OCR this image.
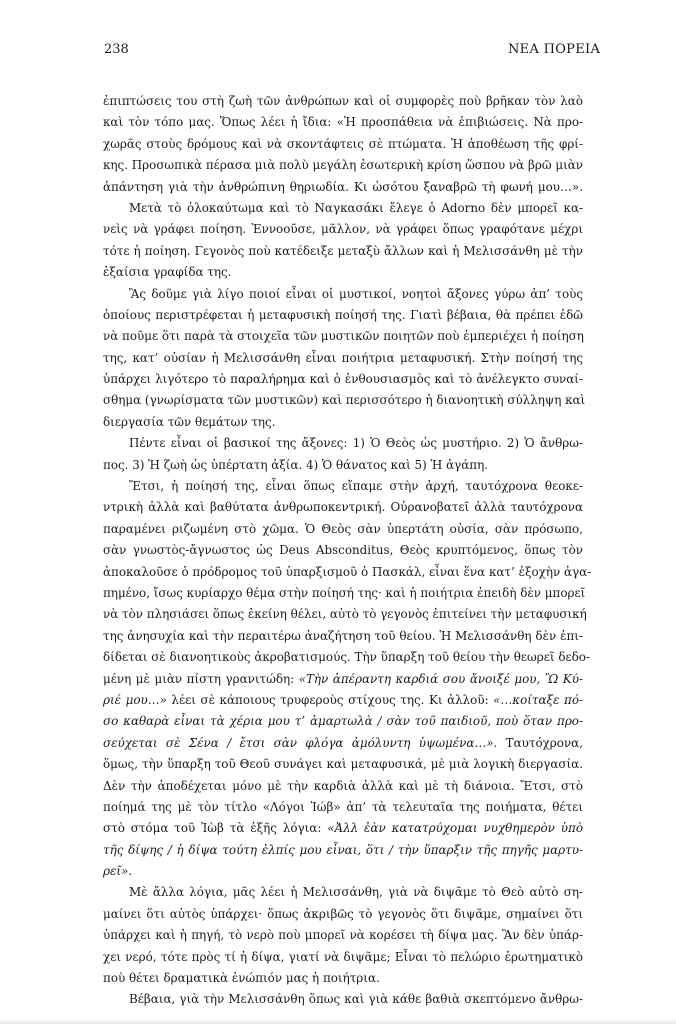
238	ΝΕΑ ΠΟΡΕΙΑ
ἐπιπτώσεις του στὴ ζωὴ τῶν ἀνθρώπων καὶ οἱ συμφορὲς ποὺ βρῆκαν τὸν λαὸ
καὶ τὸν τόπο μας. Ὅπως λέει ἡ ἴδια: «Ἡ προσπάθεια νὰ ἐπιβιώσεις. Νὰ προ-
χωρᾶς στοὺς δρόμους καὶ νὰ σκοντάφτεις σὲ πτώματα. Ἡ ἀποθέωση τῆς φρί-
κης. Προσωπικὰ πέρασα μιὰ πολὺ μεγάλη ἐσωτερικὴ κρίση ὥσπου νὰ βρῶ μιὰν
ἀπάντηση γιὰ τὴν ἀνθρώπινη θηριωδία. Κι ὡσότου ξαναβρῶ τὴ φωνή μου…».
Μετὰ τὸ ὁλοκαύτωμα καὶ τὸ Ναγκασάκι ἔλεγε ὁ Adorno δὲν μπορεῖ κα-
νεὶς νὰ γράφει ποίηση. Ἐννοοῦσε, μᾶλλον, νὰ γράφει ὅπως γραφότανε μέχρι
τότε ἡ ποίηση. Γεγονὸς ποὺ κατέδειξε μεταξὺ ἄλλων καὶ ἡ Μελισσάνθη μὲ τὴν
ἐξαίσια γραφίδα της.
Ἂς δοῦμε γιὰ λίγο ποιοί εἶναι οἱ μυστικοί, νοητοὶ ἄξονες γύρω ἀπ’ τοὺς
ὁποίους περιστρέφεται ἡ μεταφυσικὴ ποίησή της. Γιατὶ βέβαια, θὰ πρέπει ἐδῶ
νὰ ποῦμε ὅτι παρὰ τὰ στοιχεῖα τῶν μυστικῶν ποιητῶν ποὺ ἐμπεριέχει ἡ ποίηση
της, κατ’ οὐσίαν ἡ Μελισσάνθη εἶναι ποιήτρια μεταφυσική. Στὴν ποίησή της
ὑπάρχει λιγότερο τὸ παραλήρημα καὶ ὁ ἐνθουσιασμὸς καὶ τὸ ἀνέλεγκτο συναί-
σθημα (γνωρίσματα τῶν μυστικῶν) καὶ περισσότερο ἡ διανοητικὴ σύλληψη καὶ
διεργασία τῶν θεμάτων της.
Πέντε εἶναι οἱ βασικοί της ἄξονες: 1) Ὁ Θεὸς ὡς μυστήριο. 2) Ὁ ἄνθρω-
πος. 3) Ἡ ζωὴ ὡς ὑπέρτατη ἀξία. 4) Ὁ θάνατος καὶ 5) Ἡ ἀγάπη.
Ἔτσι, ἡ ποίησή της, εἶναι ὅπως εἴπαμε στὴν ἀρχή, ταυτόχρονα θεοκε-
ντρικὴ ἀλλὰ καὶ βαθύτατα ἀνθρωποκεντρική. Οὐρανοβατεῖ ἀλλὰ ταυτόχρονα
παραμένει ριζωμένη στὸ χῶμα. Ὁ Θεὸς σὰν ὑπερτάτη οὐσία, σὰν πρόσωπο,
σὰν γνωστὸς-ἄγνωστος ὡς Deus Absconditus, Θεὸς κρυπτόμενος, ὅπως τὸν
ἀποκαλοῦσε ὁ πρόδρομος τοῦ ὑπαρξισμοῦ ὁ Πασκάλ, εἶναι ἕνα κατ’ ἐξοχὴν ἀγα-
πημένο, ἴσως κυρίαρχο θέμα στὴν ποίησή της· καὶ ἡ ποιήτρια ἐπειδὴ δὲν μπορεῖ
νὰ τὸν πλησιάσει ὅπως ἐκείνη θέλει, αὐτὸ τὸ γεγονὸς ἐπιτείνει τὴν μεταφυσική
της ἀνησυχία καὶ τὴν περαιτέρω ἀναζήτηση τοῦ θείου. Ἡ Μελισσάνθη δὲν ἐπι-
δίδεται σὲ διανοητικοὺς ἀκροβατισμούς. Τὴν ὕπαρξη τοῦ θείου τὴν θεωρεῖ δεδο-
μένη μὲ μιὰν πίστη γρανιτώδη: «Τὴν ἀπέραντη καρδιά σου ἄνοιξέ μου, Ὢ Κύ-
ριέ μου…» λέει σὲ κάποιους τρυφεροὺς στίχους της. Κι ἀλλοῦ: «…κοίταξε πό-
σο καθαρὰ εἶναι τὰ χέρια μου τ’ ἁμαρτωλὰ / σὰν τοῦ παιδιοῦ, ποὺ ὅταν προ-
σεύχεται σὲ Σένα / ἔτσι σὰν φλόγα ἀμόλυντη ὑψωμένα…». Ταυτόχρονα,
ὅμως, τὴν ὕπαρξη τοῦ Θεοῦ συνάγει καὶ μεταφυσικά, μὲ μιὰ λογικὴ διεργασία.
Δὲν τὴν ἀποδέχεται μόνο μὲ τὴν καρδιὰ ἀλλὰ καὶ μὲ τὴ διάνοια. Ἔτσι, στὸ
ποίημά της μὲ τὸν τίτλο «Λόγοι Ἰώβ» ἀπ’ τὰ τελευταῖα της ποιήματα, θέτει
στὸ στόμα τοῦ Ἰὼβ τὰ ἑξῆς λόγια: «Ἀλλ ἐὰν κατατρύχομαι νυχθημερὸν ὑπὸ
τῆς δίψης / ἡ δίψα τούτη ἐλπίς μου εἶναι, ὅτι / τὴν ὕπαρξιν τῆς πηγῆς μαρτυ-
ρεῖ».
Μὲ ἄλλα λόγια, μᾶς λέει ἡ Μελισσάνθη, γιὰ νὰ διψᾶμε τὸ Θεὸ αὐτὸ ση-
μαίνει ὅτι αὐτὸς ὑπάρχει· ὅπως ἀκριβῶς τὸ γεγονὸς ὅτι διψᾶμε, σημαίνει ὅτι
ὑπάρχει καὶ ἡ πηγή, τὸ νερὸ ποὺ μπορεῖ νὰ κορέσει τὴ δίψα μας. Ἂν δὲν ὑπάρ-
χει νερό, τότε πρὸς τί ἡ δίψα, γιατί νὰ διψᾶμε; Εἶναι τὸ πελώριο ἐρωτηματικὸ
ποὺ θέτει δραματικὰ ἐνώπιόν μας ἡ ποιήτρια.
Βέβαια, γιὰ τὴν Μελισσάνθη ὅπως καὶ γιὰ κάθε βαθιὰ σκεπτόμενο ἄνθρω-
